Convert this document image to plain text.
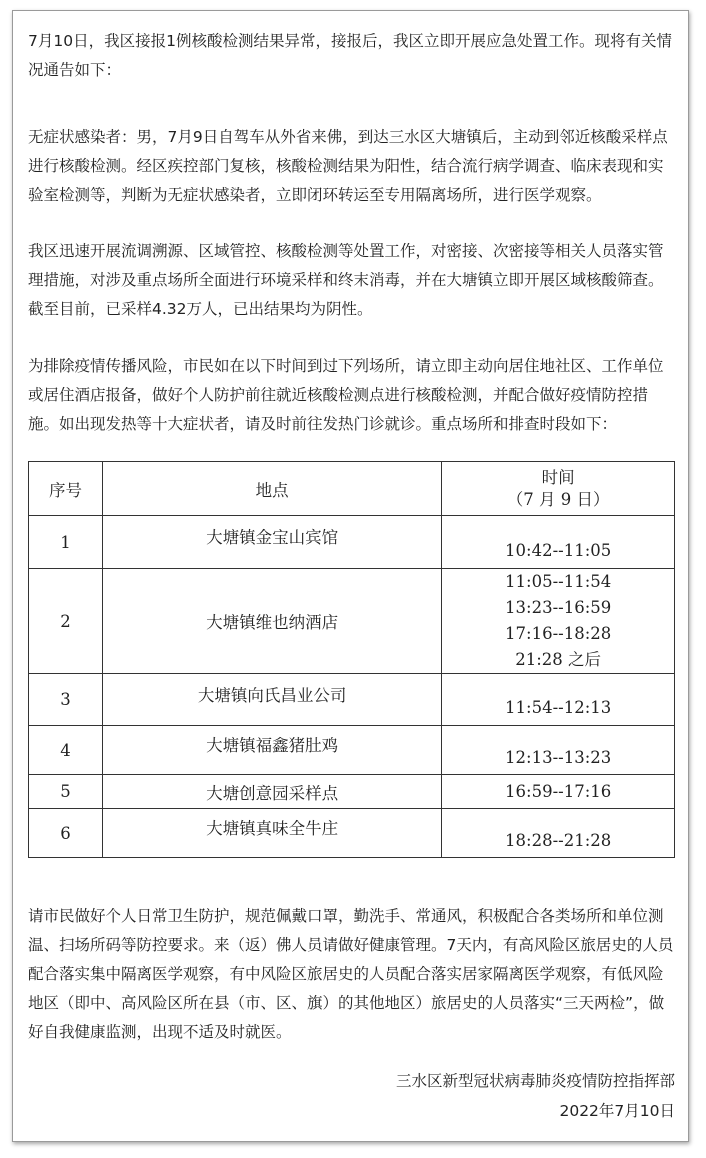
7月10日，我区接报1例核酸检测结果异常，接报后，我区立即开展应急处置工作。现将有关情况通告如下：

无症状感染者：男，7月9日自驾车从外省来佛，到达三水区大塘镇后，主动到邻近核酸采样点进行核酸检测。经区疾控部门复核，核酸检测结果为阳性，结合流行病学调查、临床表现和实验室检测等，判断为无症状感染者，立即闭环转运至专用隔离场所，进行医学观察。

我区迅速开展流调溯源、区域管控、核酸检测等处置工作，对密接、次密接等相关人员落实管理措施，对涉及重点场所全面进行环境采样和终末消毒，并在大塘镇立即开展区域核酸筛查。截至目前，已采样4.32万人，已出结果均为阴性。

为排除疫情传播风险，市民如在以下时间到过下列场所，请立即主动向居住地社区、工作单位或居住酒店报备，做好个人防护前往就近核酸检测点进行核酸检测，并配合做好疫情防控措施。如出现发热等十大症状者，请及时前往发热门诊就诊。重点场所和排查时段如下：

序号	地点	时间
（7 月 9 日）

1	大塘镇金宝山宾馆	10:42--11:05

2	大塘镇维也纳酒店	11:05--11:54
13:23--16:59
17:16--18:28
21:28 之后

3	大塘镇向氏昌业公司	11:54--12:13

4	大塘镇福鑫猪肚鸡	12:13--13:23

5	大塘创意园采样点	16:59--17:16
6	大塘镇真味全牛庄	18:28--21:28

请市民做好个人日常卫生防护，规范佩戴口罩，勤洗手、常通风，积极配合各类场所和单位测温、扫场所码等防控要求。来（返）佛人员请做好健康管理。7天内，有高风险区旅居史的人员配合落实集中隔离医学观察，有中风险区旅居史的人员配合落实居家隔离医学观察，有低风险地区（即中、高风险区所在县（市、区、旗）的其他地区）旅居史的人员落实“三天两检”，做好自我健康监测，出现不适及时就医。

三水区新型冠状病毒肺炎疫情防控指挥部
2022年7月10日
